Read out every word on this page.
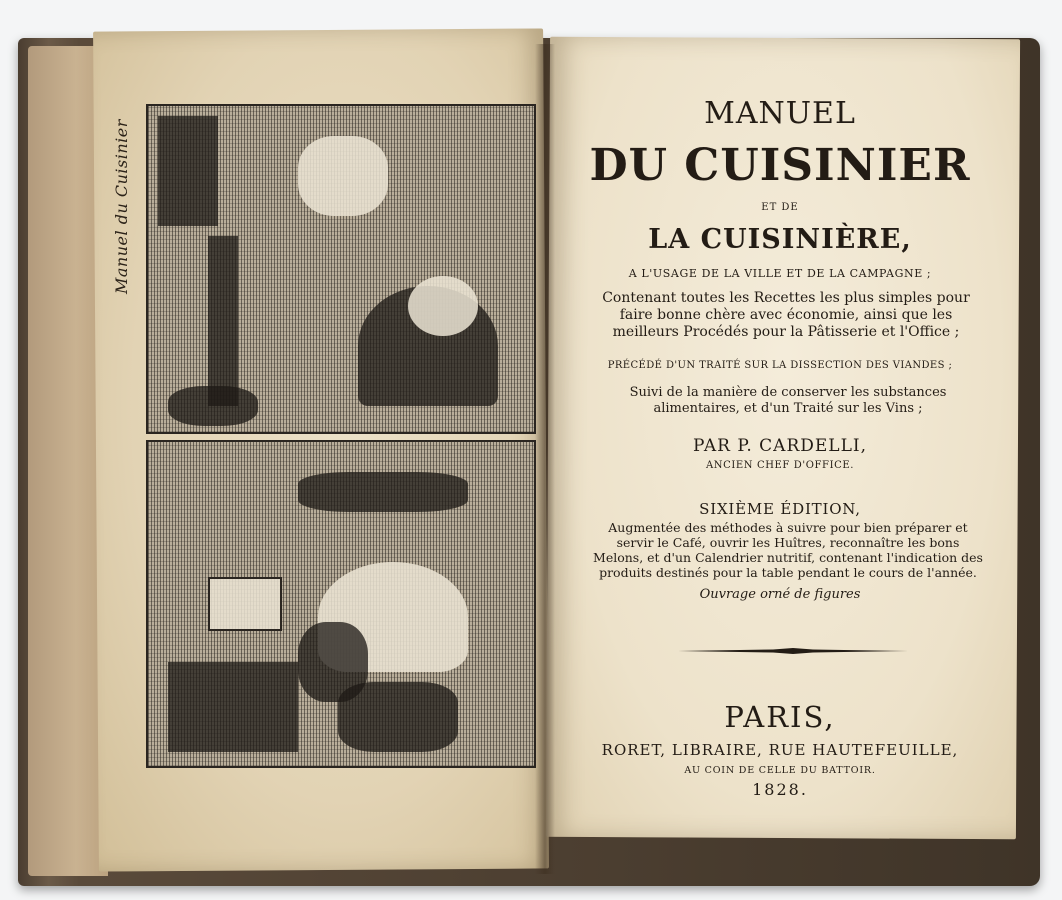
Manuel du Cuisinier
MANUEL
DU CUISINIER
ET DE
LA CUISINIÈRE,
A L'USAGE DE LA VILLE ET DE LA CAMPAGNE ;
Contenant toutes les Recettes les plus simples pour faire bonne chère avec économie, ainsi que les meilleurs Procédés pour la Pâtisserie et l'Office ;
PRÉCÉDÉ D'UN TRAITÉ SUR LA DISSECTION DES VIANDES ;
Suivi de la manière de conserver les substances alimentaires, et d'un Traité sur les Vins ;
PAR P. CARDELLI,
ANCIEN CHEF D'OFFICE.
SIXIÈME ÉDITION,
Augmentée des méthodes à suivre pour bien préparer et servir le Café, ouvrir les Huîtres, reconnaître les bons Melons, et d'un Calendrier nutritif, contenant l'indication des produits destinés pour la table pendant le cours de l'année.
Ouvrage orné de figures
PARIS,
RORET, LIBRAIRE, RUE HAUTEFEUILLE,
AU COIN DE CELLE DU BATTOIR.
1828.
